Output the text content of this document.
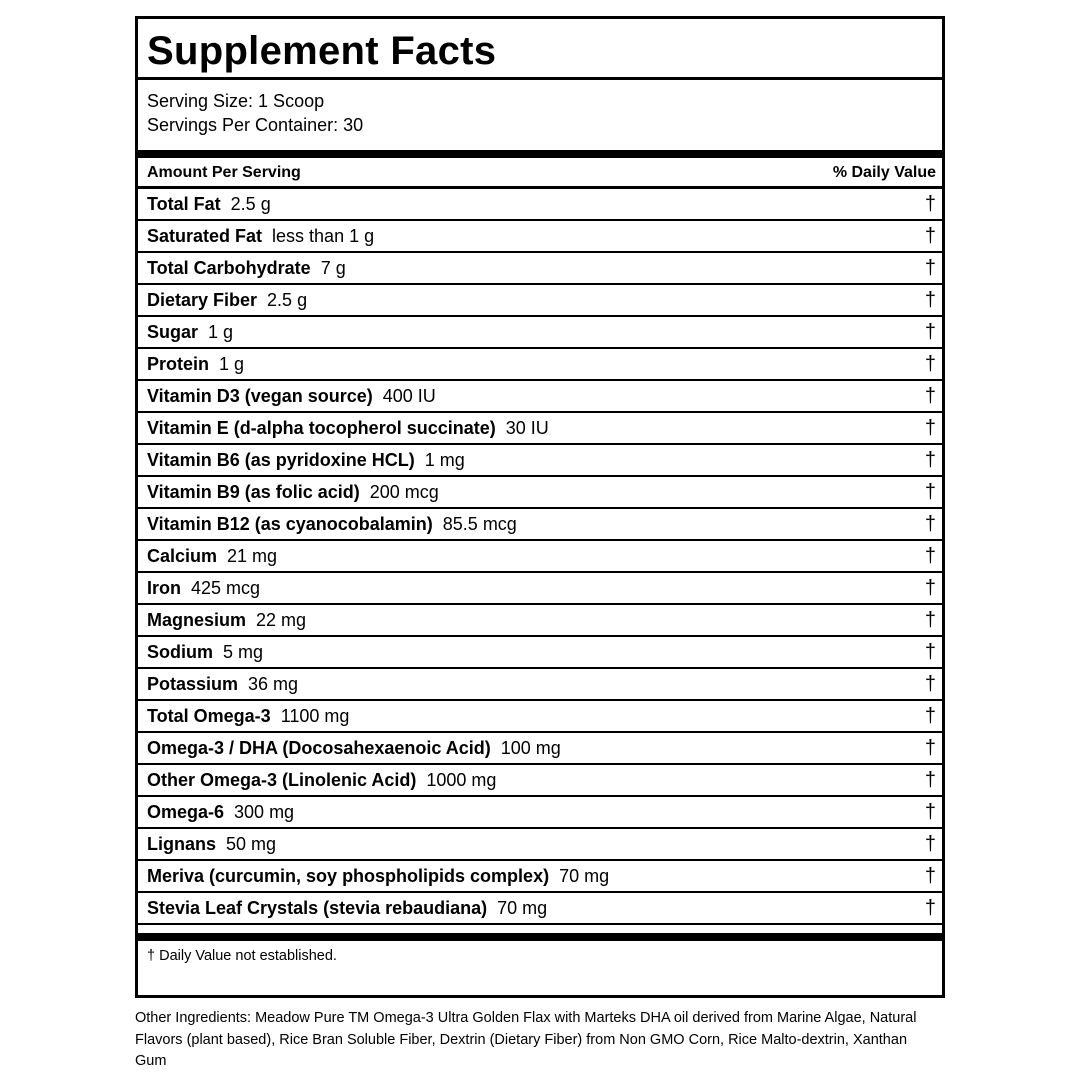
Supplement Facts
Serving Size: 1 Scoop
Servings Per Container: 30
Amount Per Serving	% Daily Value
Total Fat 2.5 g	†
Saturated Fat less than 1 g	†
Total Carbohydrate 7 g	†
Dietary Fiber 2.5 g	†
Sugar 1 g	†
Protein 1 g	†
Vitamin D3 (vegan source) 400 IU	†
Vitamin E (d-alpha tocopherol succinate) 30 IU	†
Vitamin B6 (as pyridoxine HCL) 1 mg	†
Vitamin B9 (as folic acid) 200 mcg	†
Vitamin B12 (as cyanocobalamin) 85.5 mcg	†
Calcium 21 mg	†
Iron 425 mcg	†
Magnesium 22 mg	†
Sodium 5 mg	†
Potassium 36 mg	†
Total Omega-3 1100 mg	†
Omega-3 / DHA (Docosahexaenoic Acid) 100 mg	†
Other Omega-3 (Linolenic Acid) 1000 mg	†
Omega-6 300 mg	†
Lignans 50 mg	†
Meriva (curcumin, soy phospholipids complex) 70 mg	†
Stevia Leaf Crystals (stevia rebaudiana) 70 mg	†
† Daily Value not established.
Other Ingredients: Meadow Pure TM Omega-3 Ultra Golden Flax with Marteks DHA oil derived from Marine Algae, Natural Flavors (plant based), Rice Bran Soluble Fiber, Dextrin (Dietary Fiber) from Non GMO Corn, Rice Malto-dextrin, Xanthan Gum
